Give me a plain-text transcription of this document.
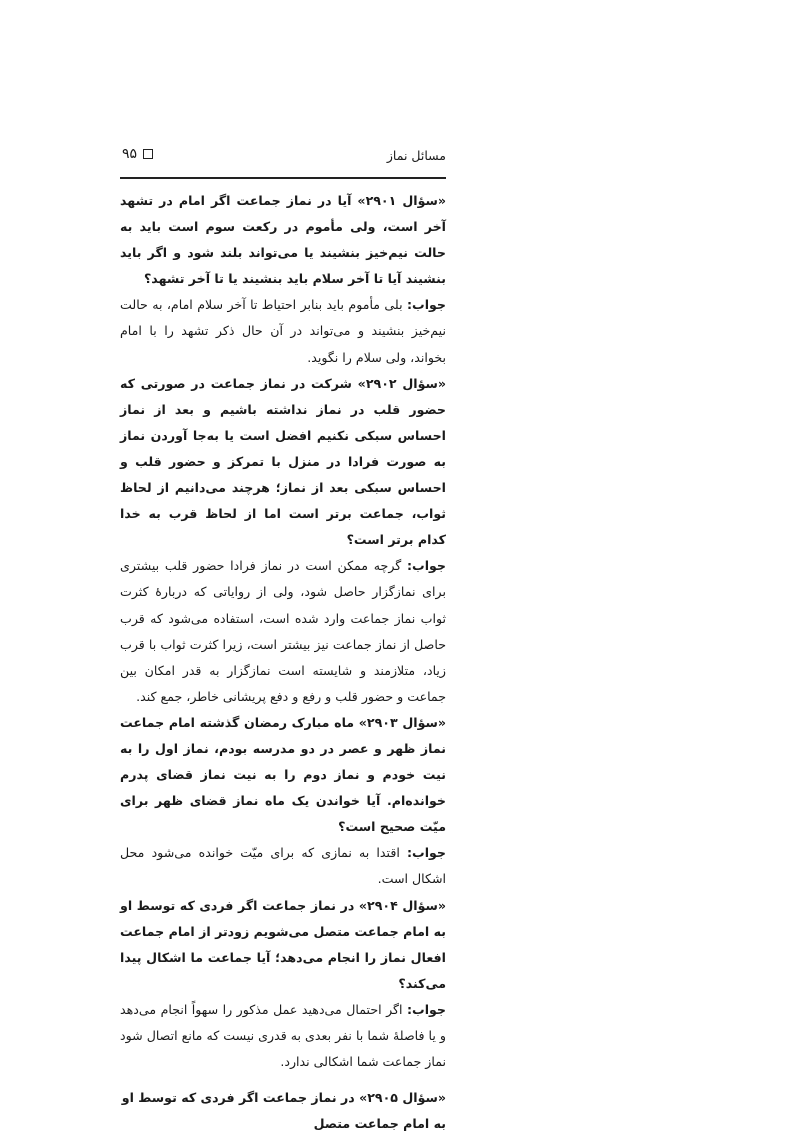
۹۵	مسائل نماز

«سؤال ۲۹۰۱» آیا در نماز جماعت اگر امام در تشهد آخر است، ولی مأموم در رکعت سوم است باید به حالت نیم‌خیز بنشیند یا می‌تواند بلند شود و اگر باید بنشیند آیا تا آخر سلام باید بنشیند یا تا آخر تشهد؟

جواب: بلی مأموم باید بنابر احتیاط تا آخر سلام امام، به حالت نیم‌خیز بنشیند و می‌تواند در آن حال ذکر تشهد را با امام بخواند، ولی سلام را نگوید.

«سؤال ۲۹۰۲» شرکت در نماز جماعت در صورتی که حضور قلب در نماز نداشته باشیم و بعد از نماز احساس سبکی نکنیم افضل است یا به‌جا آوردن نماز به صورت فرادا در منزل با تمرکز و حضور قلب و احساس سبکی بعد از نماز؛ هرچند می‌دانیم از لحاظ ثواب، جماعت برتر است اما از لحاظ قرب به خدا کدام برتر است؟

جواب: گرچه ممکن است در نماز فرادا حضور قلب بیشتری برای نمازگزار حاصل شود، ولی از روایاتی که دربارهٔ کثرت ثواب نماز جماعت وارد شده است، استفاده می‌شود که قرب حاصل از نماز جماعت نیز بیشتر است، زیرا کثرت ثواب با قرب زیاد، متلازمند و شایسته است نمازگزار به قدر امکان بین جماعت و حضور قلب و رفع و دفع پریشانی خاطر، جمع کند.

«سؤال ۲۹۰۳» ماه مبارک رمضان گذشته امام جماعت نماز ظهر و عصر در دو مدرسه بودم، نماز اول را به نیت خودم و نماز دوم را به نیت نماز قضای پدرم خوانده‌ام. آیا خواندن یک ماه نماز قضای ظهر برای میّت صحیح است؟

جواب: اقتدا به نمازی که برای میّت خوانده می‌شود محل اشکال است.

«سؤال ۲۹۰۴» در نماز جماعت اگر فردی که توسط او به امام جماعت متصل می‌شویم زودتر از امام جماعت افعال نماز را انجام می‌دهد؛ آیا جماعت ما اشکال پیدا می‌کند؟

جواب: اگر احتمال می‌دهید عمل مذکور را سهواً انجام می‌دهد و یا فاصلهٔ شما با نفر بعدی به قدری نیست که مانع اتصال شود نماز جماعت شما اشکالی ندارد.

«سؤال ۲۹۰۵» در نماز جماعت اگر فردی که توسط او به امام جماعت متصل
